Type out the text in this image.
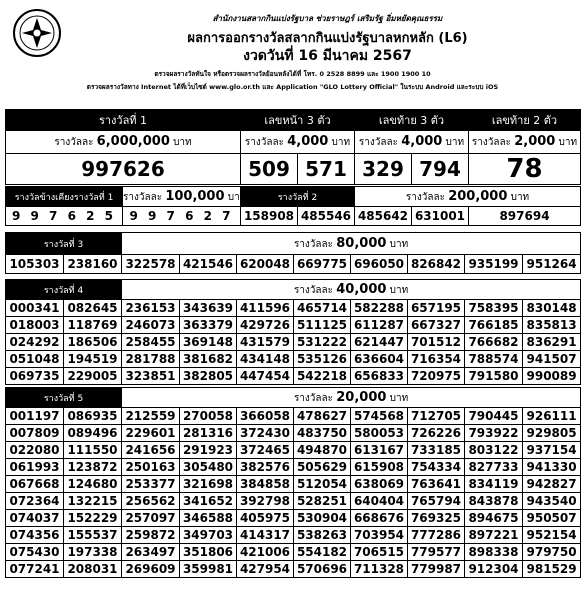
สำนักงานสลากกินแบ่งรัฐบาล ช่วยราษฎร์ เสริมรัฐ อิ่มหยัดคุณธรรม
ผลการออกรางวัลสลากกินแบ่งรัฐบาลหกหลัก (L6)
งวดวันที่ 16 มีนาคม 2567
ตรวจผลรางวัลทันใจ หรือตรวจผลรางวัลย้อนหลังได้ที่ โทร. 0 2528 8899 และ 1900 1900 10
ตรวจผลรางวัลทาง Internet ได้ที่เว็บไซต์ www.glo.or.th และ Application "GLO Lottery Official" ในระบบ Android และระบบ iOS
รางวัลที่ 1	เลขหน้า 3 ตัว		เลขท้าย 3 ตัว		เลขท้าย 2 ตัว
รางวัลละ 6,000,000 บาท	รางวัลละ 4,000 บาท		รางวัลละ 4,000 บาท		รางวัลละ 2,000 บาท
997626	509	571	329	794	78
รางวัลข้างเคียงรางวัลที่ 1	รางวัลละ 100,000 บาท	รางวัลที่ 2		รางวัลละ 200,000 บาท		
9 9 7 6 2 5	9 9 7 6 2 7	158908	485546	485642	631001	897694
รางวัลที่ 3		รางวัลละ 80,000 บาท							
105303	238160	322578	421546	620048	669775	696050	826842	935199	951264
รางวัลที่ 4		รางวัลละ 40,000 บาท							
000341	082645	236153	343639	411596	465714	582288	657195	758395	830148
018003	118769	246073	363379	429726	511125	611287	667327	766185	835813
024292	186506	258455	369148	431579	531222	621447	701512	766682	836291
051048	194519	281788	381682	434148	535126	636604	716354	788574	941507
069735	229005	323851	382805	447454	542218	656833	720975	791580	990089
รางวัลที่ 5		รางวัลละ 20,000 บาท							
001197	086935	212559	270058	366058	478627	574568	712705	790445	926111
007809	089496	229601	281316	372430	483750	580053	726226	793922	929805
022080	111550	241656	291923	372465	494870	613167	733185	803122	937154
061993	123872	250163	305480	382576	505629	615908	754334	827733	941330
067668	124680	253377	321698	384858	512054	638069	763641	834119	942827
072364	132215	256562	341652	392798	528251	640404	765794	843878	943540
074037	152229	257097	346588	405975	530904	668676	769325	894675	950507
074356	155537	259872	349703	414317	538263	703954	777286	897221	952154
075430	197338	263497	351806	421006	554182	706515	779577	898338	979750
077241	208031	269609	359981	427954	570696	711328	779987	912304	981529
